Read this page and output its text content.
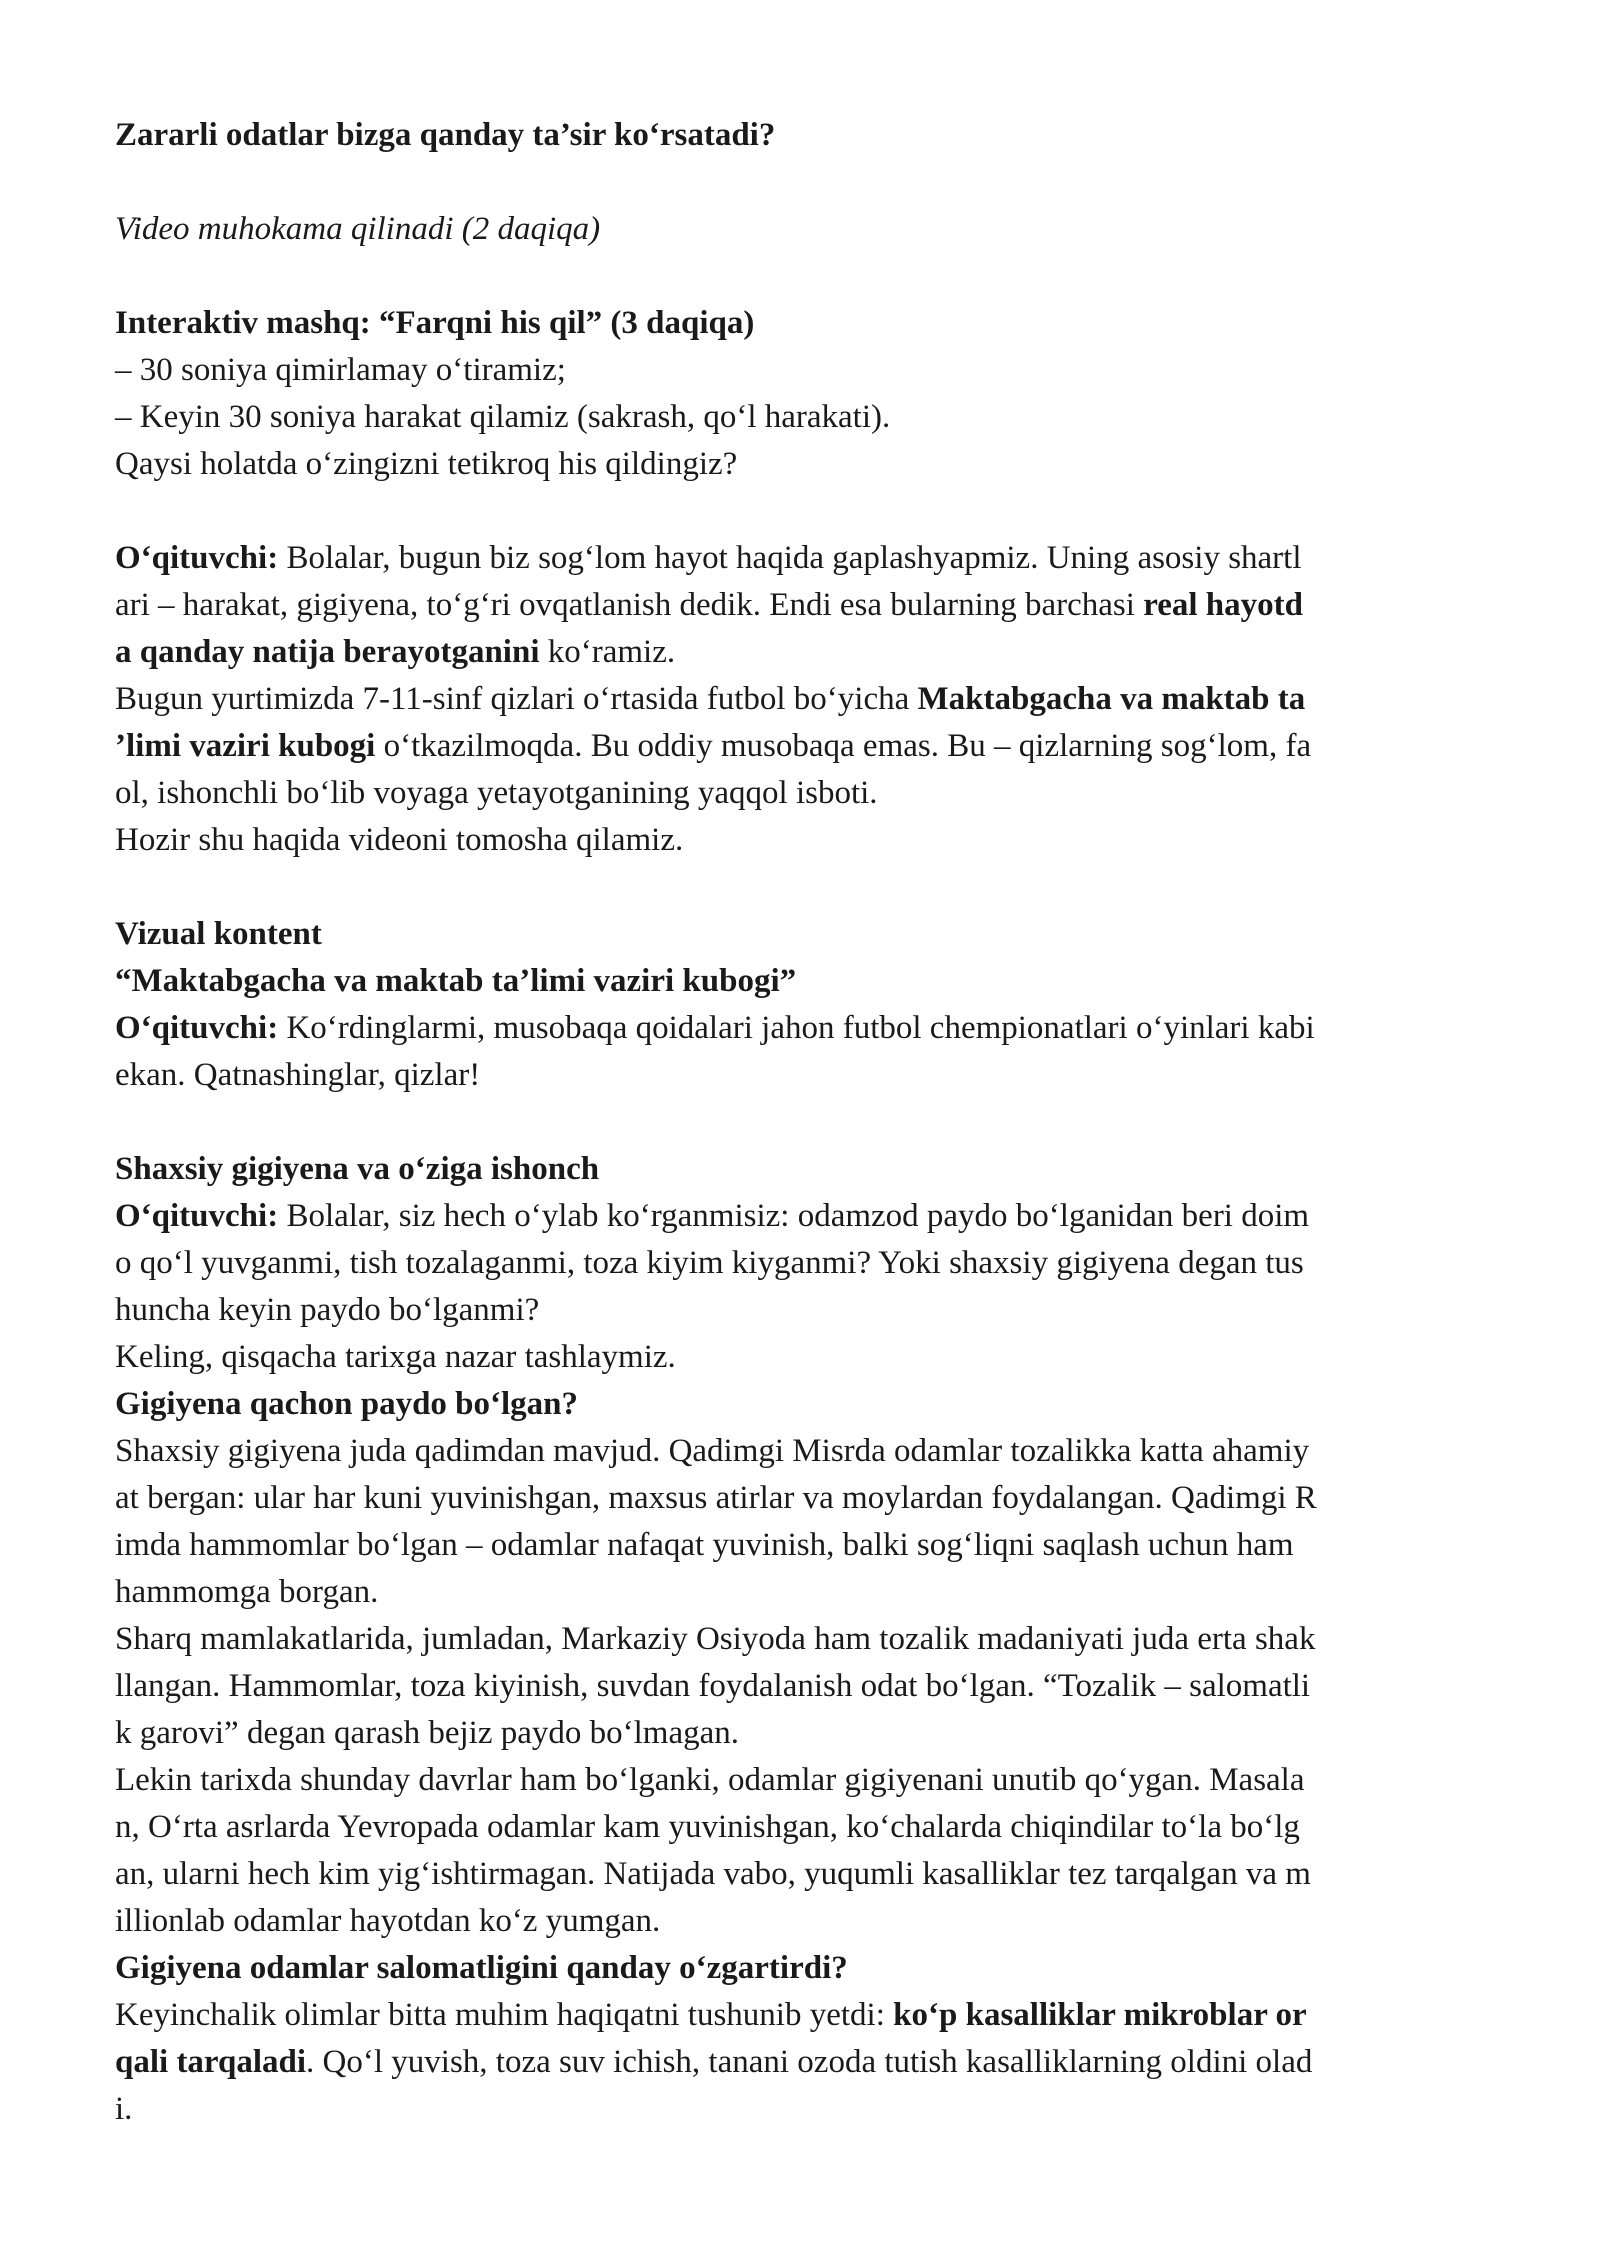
Zararli odatlar bizga qanday ta’sir ko‘rsatadi?
Video muhokama qilinadi (2 daqiqa)
Interaktiv mashq: “Farqni his qil” (3 daqiqa)
– 30 soniya qimirlamay o‘tiramiz;
– Keyin 30 soniya harakat qilamiz (sakrash, qo‘l harakati).
Qaysi holatda o‘zingizni tetikroq his qildingiz?
O‘qituvchi: Bolalar, bugun biz sog‘lom hayot haqida gaplashyapmiz. Uning asosiy shartl
ari – harakat, gigiyena, to‘g‘ri ovqatlanish dedik. Endi esa bularning barchasi real hayotd
a qanday natija berayotganini ko‘ramiz.
Bugun yurtimizda 7-11-sinf qizlari o‘rtasida futbol bo‘yicha Maktabgacha va maktab ta
’limi vaziri kubogi o‘tkazilmoqda. Bu oddiy musobaqa emas. Bu – qizlarning sog‘lom, fa
ol, ishonchli bo‘lib voyaga yetayotganining yaqqol isboti.
Hozir shu haqida videoni tomosha qilamiz.
Vizual kontent
“Maktabgacha va maktab ta’limi vaziri kubogi”
O‘qituvchi: Ko‘rdinglarmi, musobaqa qoidalari jahon futbol chempionatlari o‘yinlari kabi
ekan. Qatnashinglar, qizlar!
Shaxsiy gigiyena va o‘ziga ishonch
O‘qituvchi: Bolalar, siz hech o‘ylab ko‘rganmisiz: odamzod paydo bo‘lganidan beri doim
o qo‘l yuvganmi, tish tozalaganmi, toza kiyim kiyganmi? Yoki shaxsiy gigiyena degan tus
huncha keyin paydo bo‘lganmi?
Keling, qisqacha tarixga nazar tashlaymiz.
Gigiyena qachon paydo bo‘lgan?
Shaxsiy gigiyena juda qadimdan mavjud. Qadimgi Misrda odamlar tozalikka katta ahamiy
at bergan: ular har kuni yuvinishgan, maxsus atirlar va moylardan foydalangan. Qadimgi R
imda hammomlar bo‘lgan – odamlar nafaqat yuvinish, balki sog‘liqni saqlash uchun ham
hammomga borgan.
Sharq mamlakatlarida, jumladan, Markaziy Osiyoda ham tozalik madaniyati juda erta shak
llangan. Hammomlar, toza kiyinish, suvdan foydalanish odat bo‘lgan. “Tozalik – salomatli
k garovi” degan qarash bejiz paydo bo‘lmagan.
Lekin tarixda shunday davrlar ham bo‘lganki, odamlar gigiyenani unutib qo‘ygan. Masala
n, O‘rta asrlarda Yevropada odamlar kam yuvinishgan, ko‘chalarda chiqindilar to‘la bo‘lg
an, ularni hech kim yig‘ishtirmagan. Natijada vabo, yuqumli kasalliklar tez tarqalgan va m
illionlab odamlar hayotdan ko‘z yumgan.
Gigiyena odamlar salomatligini qanday o‘zgartirdi?
Keyinchalik olimlar bitta muhim haqiqatni tushunib yetdi: ko‘p kasalliklar mikroblar or
qali tarqaladi. Qo‘l yuvish, toza suv ichish, tanani ozoda tutish kasalliklarning oldini olad
i.
